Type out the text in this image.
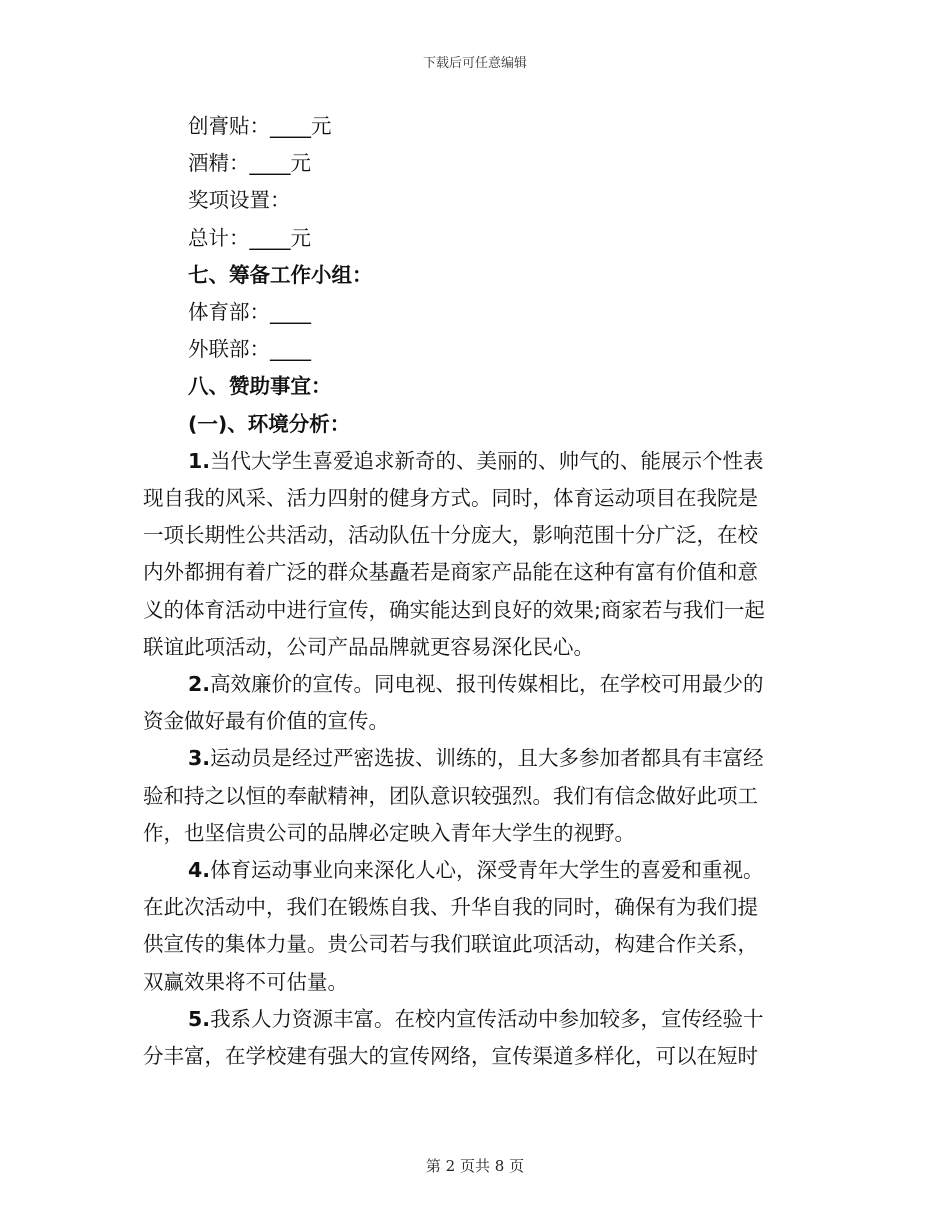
下载后可任意编辑
创膏贴：____元
酒精：____元
奖项设置：
总计：____元
七、筹备工作小组：
体育部：____
外联部：____
八、赞助事宜：
(一)、环境分析：
1.当代大学生喜爱追求新奇的、美丽的、帅气的、能展示个性表
现自我的风采、活力四射的健身方式。同时，体育运动项目在我院是
一项长期性公共活动，活动队伍十分庞大，影响范围十分广泛，在校
内外都拥有着广泛的群众基矗若是商家产品能在这种有富有价值和意
义的体育活动中进行宣传，确实能达到良好的效果;商家若与我们一起
联谊此项活动，公司产品品牌就更容易深化民心。
2.高效廉价的宣传。同电视、报刊传媒相比，在学校可用最少的
资金做好最有价值的宣传。
3.运动员是经过严密选拔、训练的，且大多参加者都具有丰富经
验和持之以恒的奉献精神，团队意识较强烈。我们有信念做好此项工
作，也坚信贵公司的品牌必定映入青年大学生的视野。
4.体育运动事业向来深化人心，深受青年大学生的喜爱和重视。
在此次活动中，我们在锻炼自我、升华自我的同时，确保有为我们提
供宣传的集体力量。贵公司若与我们联谊此项活动，构建合作关系，
双赢效果将不可估量。
5.我系人力资源丰富。在校内宣传活动中参加较多，宣传经验十
分丰富，在学校建有强大的宣传网络，宣传渠道多样化，可以在短时
第 2 页共 8 页
